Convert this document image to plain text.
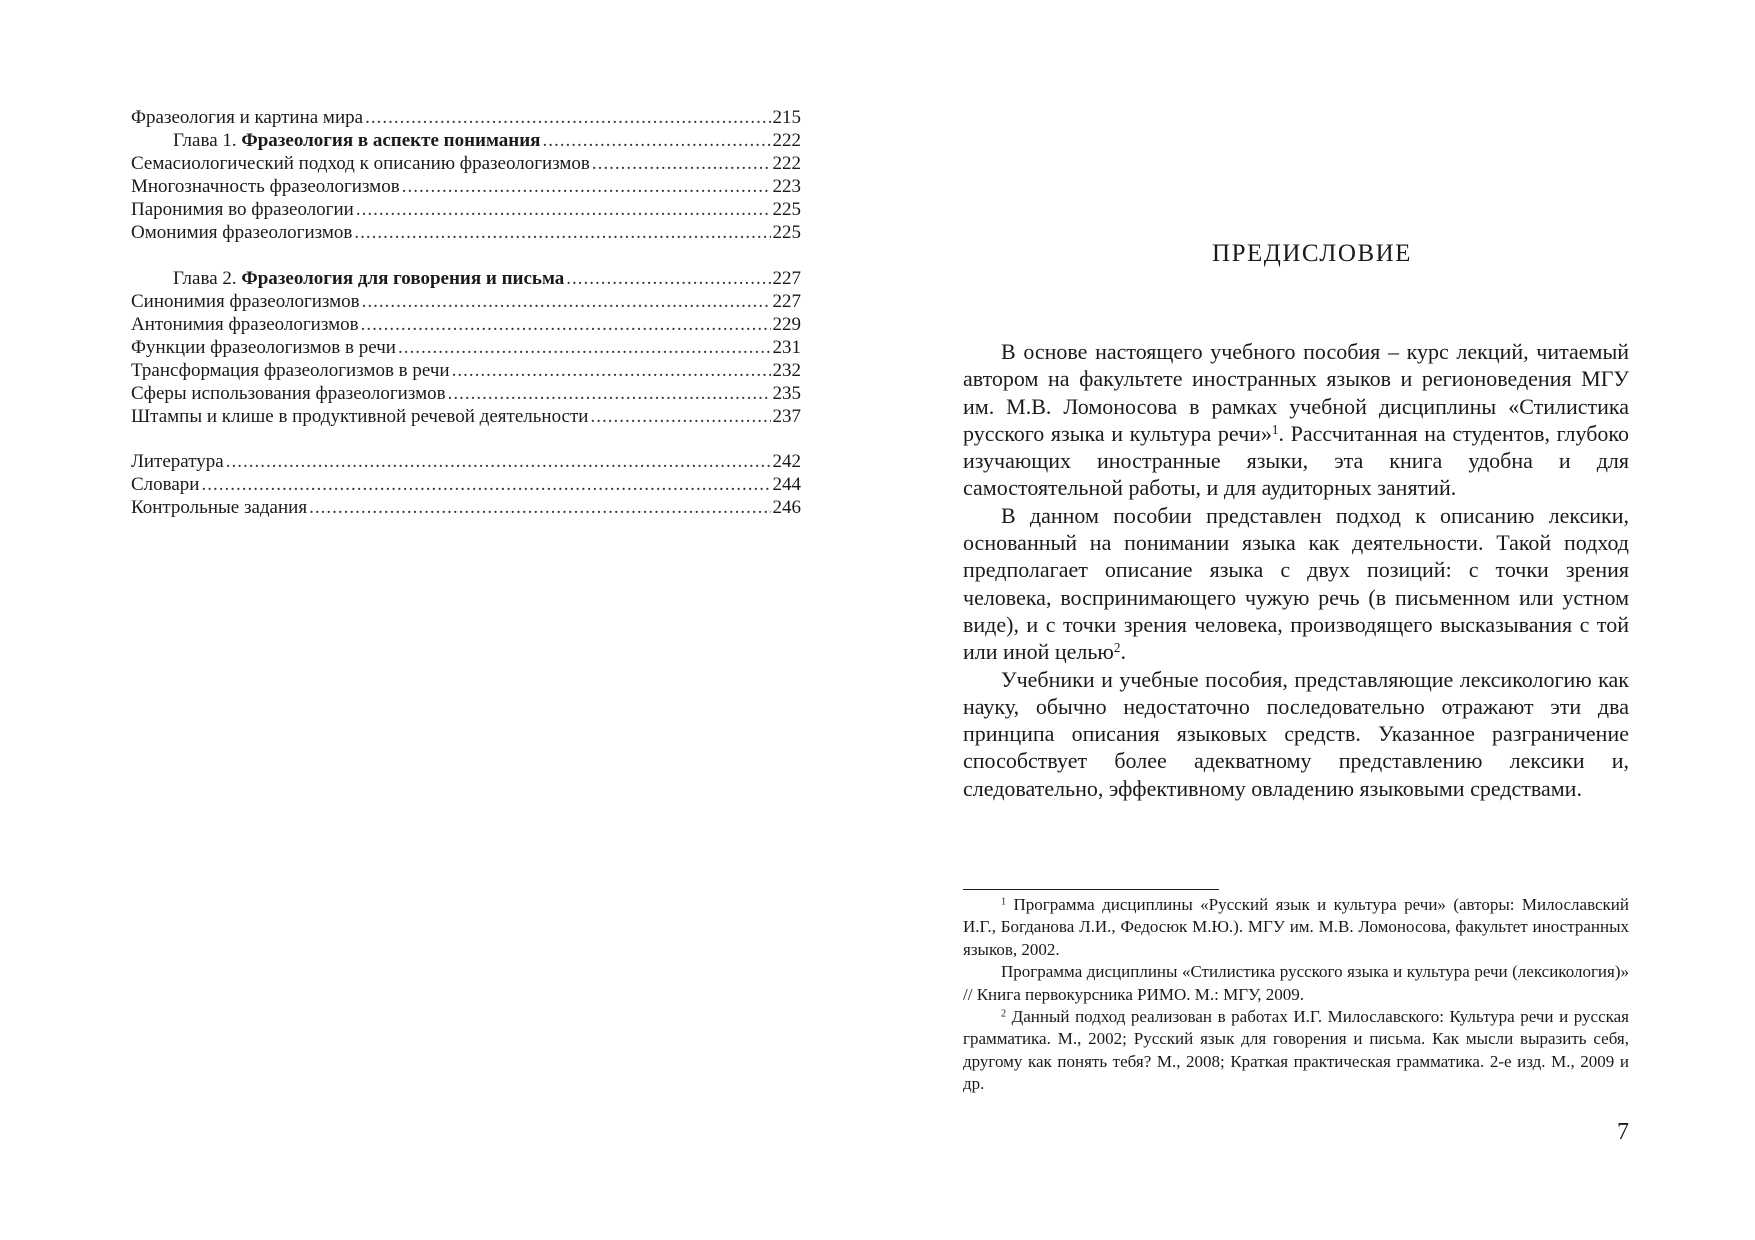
Фразеология и картина мира .....	215
Глава 1. Фразеология в аспекте понимания .....	222
Семасиологический подход к описанию фразеологизмов .....	222
Многозначность фразеологизмов .....	223
Паронимия во фразеологии .....	225
Омонимия фразеологизмов .....	225
Глава 2. Фразеология для говорения и письма .....	227
Синонимия фразеологизмов .....	227
Антонимия фразеологизмов .....	229
Функции фразеологизмов в речи .....	231
Трансформация фразеологизмов в речи .....	232
Сферы использования фразеологизмов .....	235
Штампы и клише в продуктивной речевой деятельности .....	237
Литература .....	242
Словари .....	244
Контрольные задания .....	246
ПРЕДИСЛОВИЕ

В основе настоящего учебного пособия – курс лекций, читаемый автором на факультете иностранных языков и регионоведения МГУ им. М.В. Ломоносова в рамках учебной дисциплины «Стилистика русского языка и культура речи»$^1$. Рассчитанная на студентов, глубоко изучающих иностранные языки, эта книга удобна и для самостоятельной работы, и для аудиторных занятий.

В данном пособии представлен подход к описанию лексики, основанный на понимании языка как деятельности. Такой подход предполагает описание языка с двух позиций: с точки зрения человека, воспринимающего чужую речь (в письменном или устном виде), и с точки зрения человека, производящего высказывания с той или иной целью$^2$.

Учебники и учебные пособия, представляющие лексикологию как науку, обычно недостаточно последовательно отражают эти два принципа описания языковых средств. Указанное разграничение способствует более адекватному представлению лексики и, следовательно, эффективному овладению языковыми средствами.

$^1$ Программа дисциплины «Русский язык и культура речи» (авторы: Милославский И.Г., Богданова Л.И., Федосюк М.Ю.). МГУ им. М.В. Ломоносова, факультет иностранных языков, 2002.

Программа дисциплины «Стилистика русского языка и культура речи (лексикология)» // Книга первокурсника РИМО. М.: МГУ, 2009.

$^2$ Данный подход реализован в работах И.Г. Милославского: Культура речи и русская грамматика. М., 2002; Русский язык для говорения и письма. Как мысли выразить себя, другому как понять тебя? М., 2008; Краткая практическая грамматика. 2-е изд. М., 2009 и др.

7
